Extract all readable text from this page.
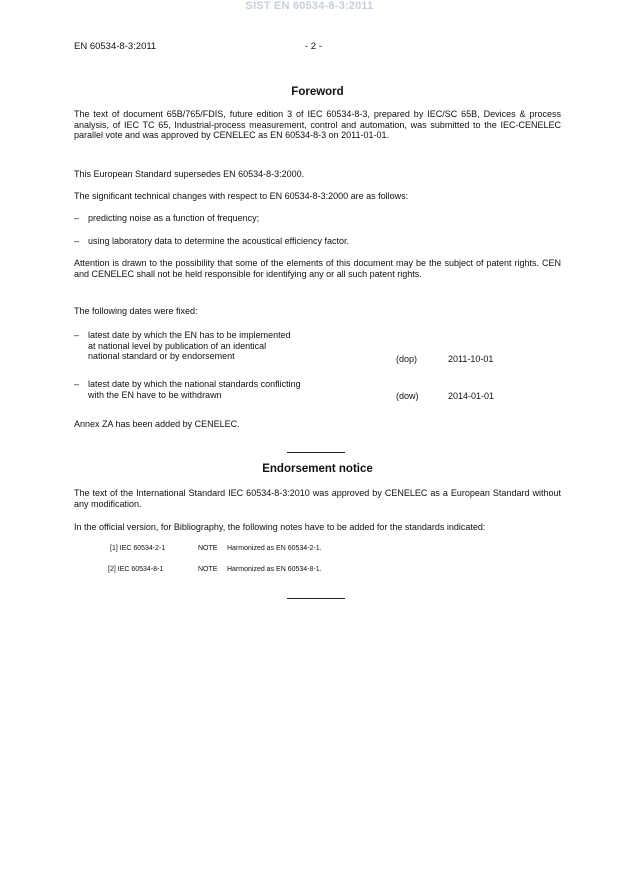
SIST EN 60534-8-3:2011
EN 60534-8-3:2011	- 2 -
Foreword
The text of document 65B/765/FDIS, future edition 3 of IEC 60534-8-3, prepared by IEC/SC 65B, Devices & process analysis, of IEC TC 65, Industrial-process measurement, control and automation, was submitted to the IEC-CENELEC parallel vote and was approved by CENELEC as EN 60534-8-3 on 2011-01-01.
This European Standard supersedes EN 60534-8-3:2000.
The significant technical changes with respect to EN 60534-8-3:2000 are as follows:
– predicting noise as a function of frequency;
– using laboratory data to determine the acoustical efficiency factor.
Attention is drawn to the possibility that some of the elements of this document may be the subject of patent rights. CEN and CENELEC shall not be held responsible for identifying any or all such patent rights.
The following dates were fixed:
– latest date by which the EN has to be implemented
at national level by publication of an identical
national standard or by endorsement	(dop)	2011-10-01
– latest date by which the national standards conflicting
with the EN have to be withdrawn	(dow)	2014-01-01
Annex ZA has been added by CENELEC.
Endorsement notice
The text of the International Standard IEC 60534-8-3:2010 was approved by CENELEC as a European Standard without any modification.
In the official version, for Bibliography, the following notes have to be added for the standards indicated:
[1] IEC 60534-2-1	NOTE Harmonized as EN 60534-2-1.
[2] IEC 60534-8-1	NOTE Harmonized as EN 60534-8-1.
